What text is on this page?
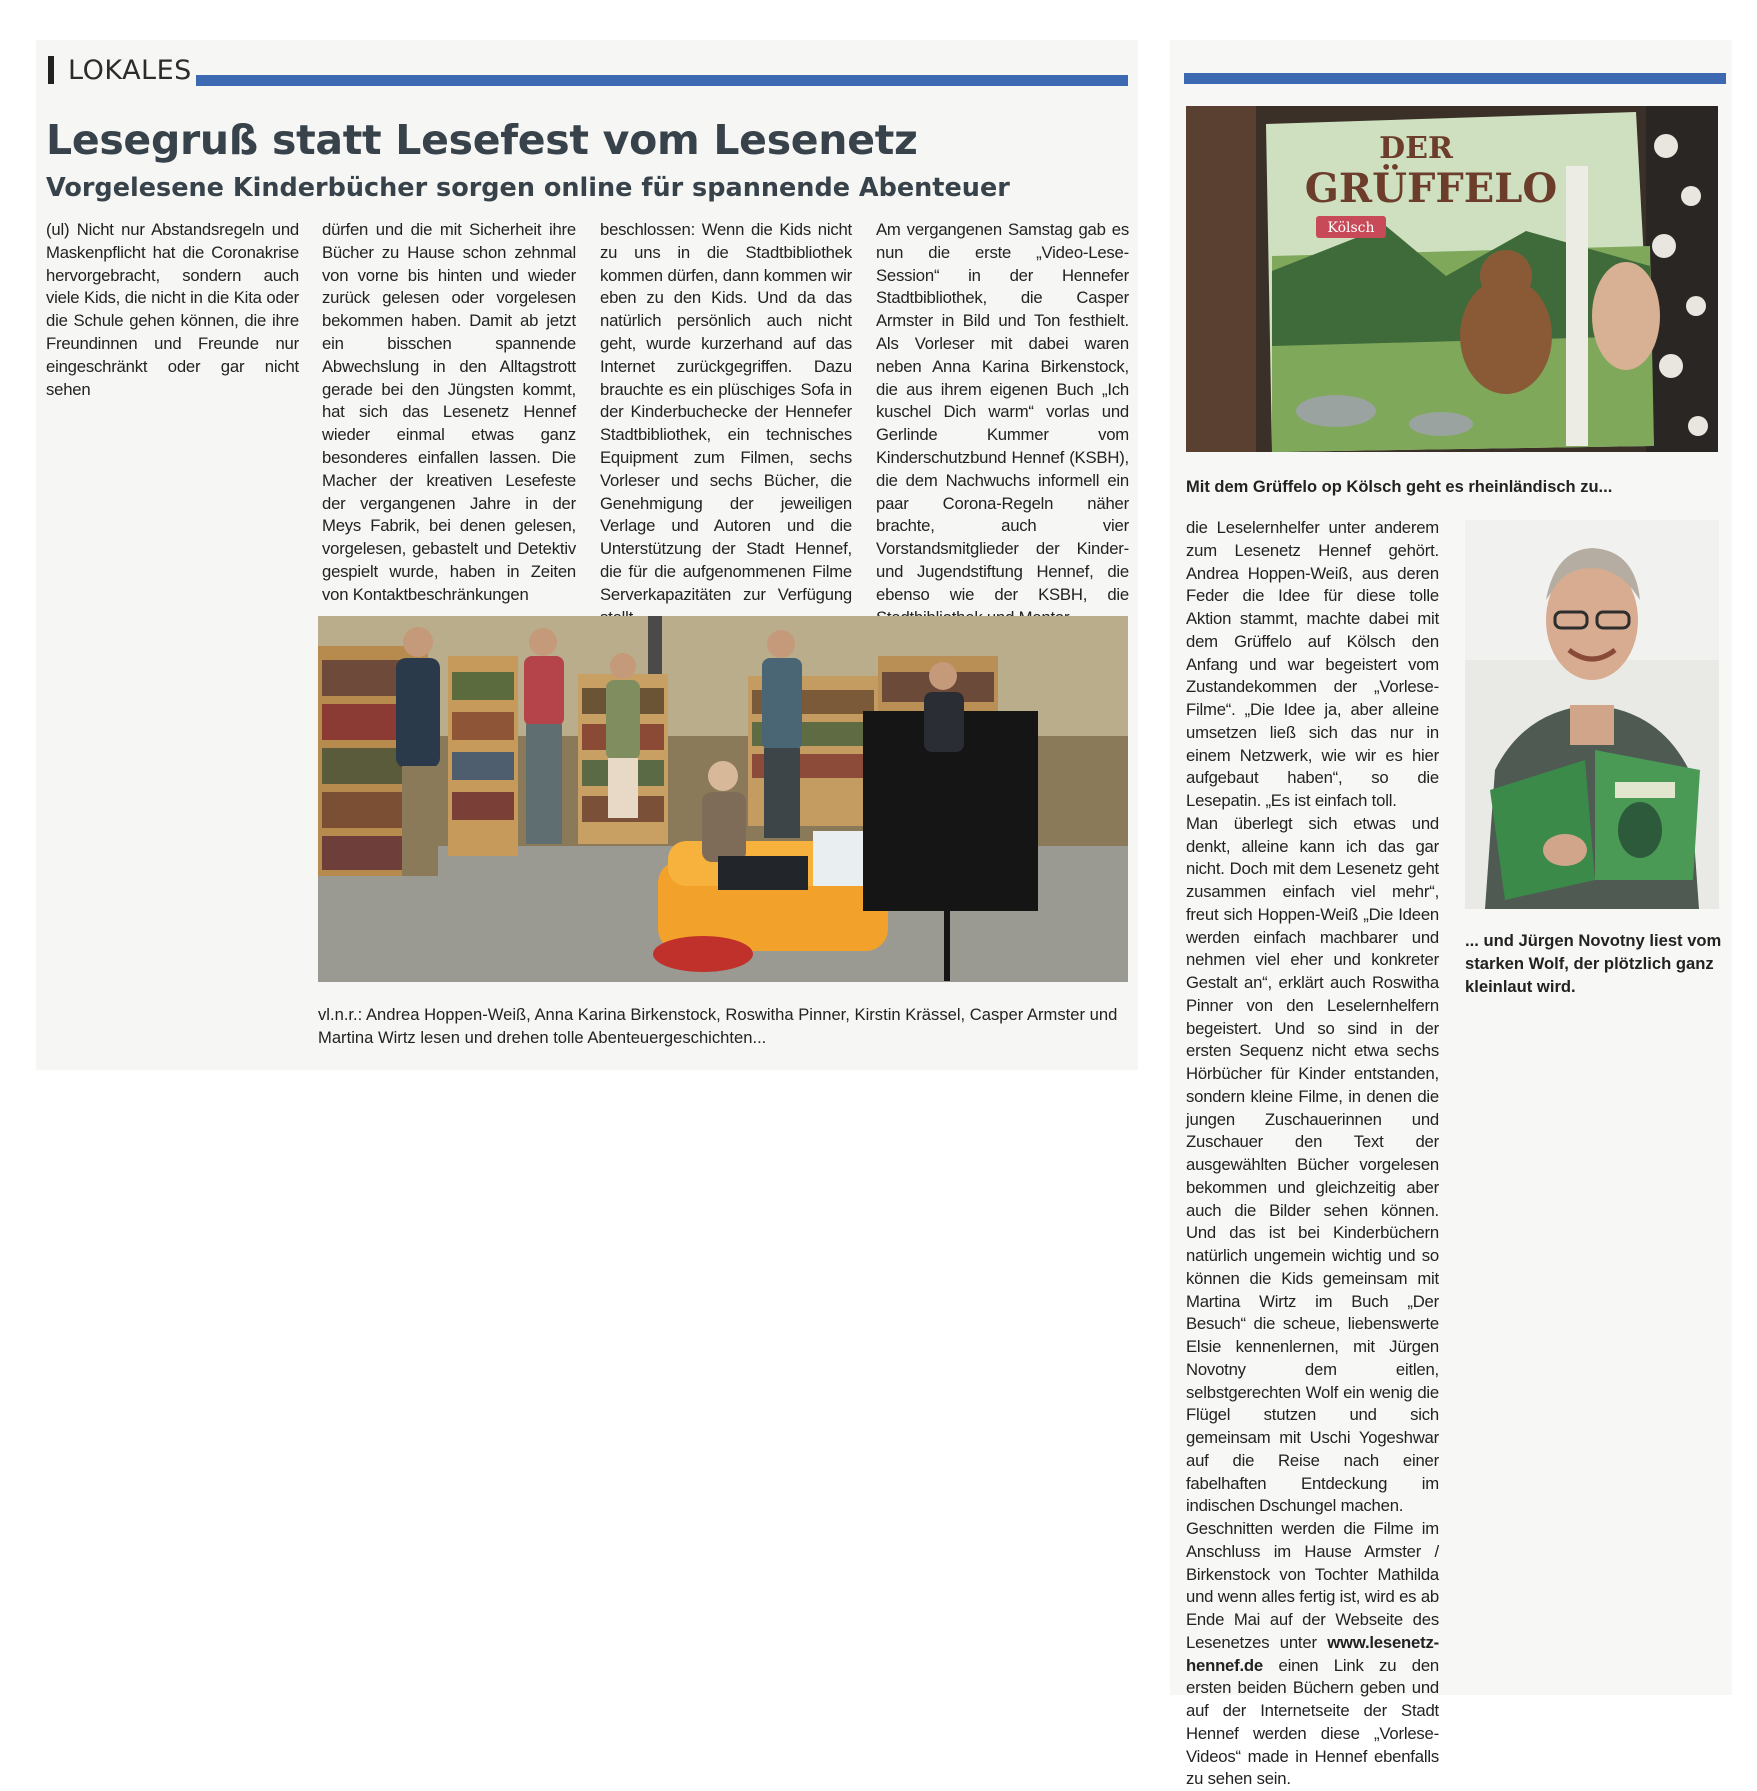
LOKALES
Lesegruß statt Lesefest vom Lesenetz
Vorgelesene Kinderbücher sorgen online für spannende Abenteuer

(ul) Nicht nur Abstandsregeln und Maskenpflicht hat die Coronakrise hervorgebracht, sondern auch viele Kids, die nicht in die Kita oder die Schule gehen können, die ihre Freundinnen und Freunde nur eingeschränkt oder gar nicht sehen

dürfen und die mit Sicherheit ihre Bücher zu Hause schon zehnmal von vorne bis hinten und wieder zurück gelesen oder vorgelesen bekommen haben. Damit ab jetzt ein bisschen spannende Abwechslung in den Alltagstrott gerade bei den Jüngsten kommt, hat sich das Lesenetz Hennef wieder einmal etwas ganz besonderes einfallen lassen. Die Macher der kreativen Lesefeste der vergangenen Jahre in der Meys Fabrik, bei denen gelesen, vorgelesen, gebastelt und Detektiv gespielt wurde, haben in Zeiten von Kontaktbeschränkungen

beschlossen: Wenn die Kids nicht zu uns in die Stadtbibliothek kommen dürfen, dann kommen wir eben zu den Kids. Und da das natürlich persönlich auch nicht geht, wurde kurzerhand auf das Internet zurückgegriffen. Dazu brauchte es ein plüschiges Sofa in der Kinderbuchecke der Hennefer Stadtbibliothek, ein technisches Equipment zum Filmen, sechs Vorleser und sechs Bücher, die Genehmigung der jeweiligen Verlage und Autoren und die Unterstützung der Stadt Hennef, die für die aufgenommenen Filme Serverkapazitäten zur Verfügung

Am vergangenen Samstag gab es nun die erste „Video-Lese-Session“ in der Hennefer Stadtbibliothek, die Casper Armster in Bild und Ton festhielt. Als Vorleser mit dabei waren neben Anna Karina Birkenstock, die aus ihrem eigenen Buch „Ich kuschel Dich warm“ vorlas und Gerlinde Kummer vom Kinderschutzbund Hennef (KSBH), die dem Nachwuchs informell ein paar Corona-Regeln näher brachte, auch vier Vorstandsmitglieder der Kinder- und Jugendstiftung Hennef, die ebenso wie der KSBH, die

die Leselernhelfer unter anderem zum Lesenetz Hennef gehört. Andrea Hoppen-Weiß, aus deren Feder die Idee für diese tolle Aktion stammt, machte dabei mit dem Grüffelo auf Kölsch den Anfang und war begeistert vom Zustandekommen der „Vorlese-Filme“. „Die Idee ja, aber alleine umsetzen ließ sich das nur in einem Netzwerk, wie wir es hier aufgebaut haben“, so die Lesepatin. „Es ist einfach toll.
Man überlegt sich etwas und denkt, alleine kann ich das gar nicht. Doch mit dem Lesenetz geht zusammen einfach viel mehr“, freut sich Hoppen-Weiß „Die Ideen werden einfach machbarer und nehmen viel eher und konkreter Gestalt an“, erklärt auch Roswitha Pinner von den Leselernhelfern begeistert. Und so sind in der ersten Sequenz nicht etwa sechs Hörbücher für Kinder entstanden, sondern kleine Filme, in denen die jungen Zuschauerinnen und Zuschauer den Text der ausgewählten Bücher vorgelesen bekommen und gleichzeitig aber auch die Bilder sehen können. Und das ist bei Kinderbüchern natürlich ungemein wichtig und so können die Kids gemeinsam mit Martina Wirtz im Buch „Der Besuch“ die scheue, liebenswerte Elsie kennenlernen, mit Jürgen Novotny dem eitlen, selbstgerechten Wolf ein wenig die Flügel stutzen und sich gemeinsam mit Uschi Yogeshwar auf die Reise nach einer fabelhaften Entdeckung im indischen Dschungel machen.
Geschnitten werden die Filme im Anschluss im Hause Armster / Birkenstock von Tochter Mathilda und wenn alles fertig ist, wird es ab Ende Mai auf der Webseite des Lesenetzes unter www.lesenetz-hennef.de einen Link zu den ersten beiden Büchern geben und auf der Internetseite der Stadt Hennef werden diese „Vorlese-Videos“ made in Hennef ebenfalls zu sehen sein.

vl.n.r.: Andrea Hoppen-Weiß, Anna Karina Birkenstock, Roswitha Pinner, Kirstin Krässel, Casper Armster und Martina Wirtz lesen und drehen tolle Abenteuergeschichten...

Kölsch
DER
GRÜFFELO

Mit dem Grüffelo op Kölsch geht es rheinländisch zu...

... und Jürgen Novotny liest vom starken Wolf, der plötzlich ganz kleinlaut wird.
